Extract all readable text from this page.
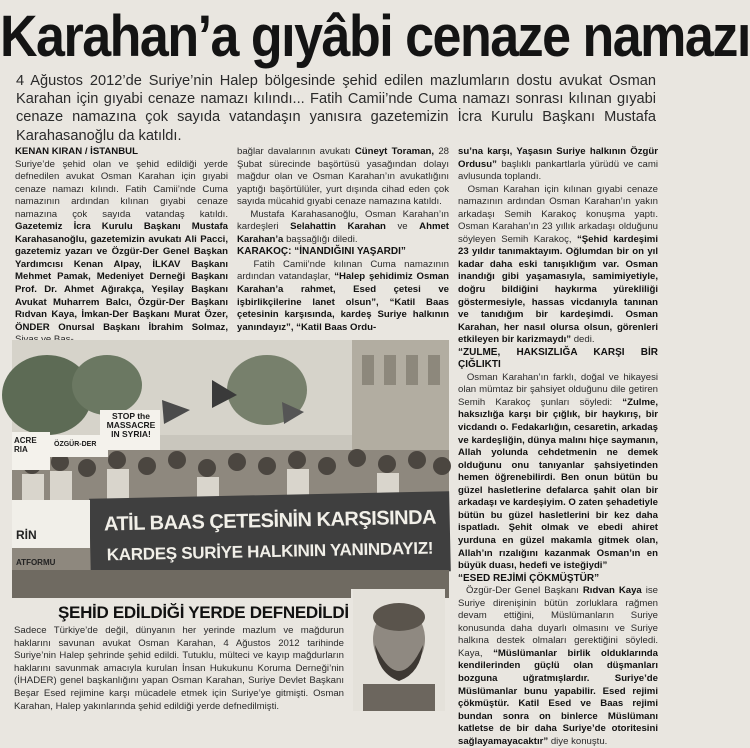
Karahan’a gıyâbi cenaze namazı
4 Ağustos 2012’de Suriye’nin Halep bölgesinde şehid edilen mazlumların dostu avukat Osman Karahan için gıyabi cenaze namazı kılındı... Fatih Camii’nde Cuma namazı sonrası kılınan gıyabi cenaze namazına çok sayıda vatandaşın yanısıra gazetemizin İcra Kurulu Başkanı Mustafa Karahasanoğlu da katıldı.

KENAN KIRAN / İSTANBUL

Suriye’de şehid olan ve şehid edildiği yerde defnedilen avukat Osman Karahan için gıyabi cenaze namazı kılındı. Fatih Camii’nde Cuma namazının ardından kılınan gıyabi cenaze namazına çok sayıda vatandaş katıldı. Gazetemiz İcra Kurulu Başkanı Mustafa Karahasanoğlu, gazetemizin avukatı Ali Pacci, gazetemiz yazarı ve Özgür-Der Genel Başkan Yardımcısı Kenan Alpay, İLKAV Başkanı Mehmet Pamak, Medeniyet Derneği Başkanı Prof. Dr. Ahmet Ağırakça, Yeşilay Başkanı Avukat Muharrem Balcı, Özgür-Der Başkanı Rıdvan Kaya, İmkan-Der Başkanı Murat Özer, ÖNDER Onursal Başkanı İbrahim Solmaz,

bağlar davalarının avukatı Cüneyt Toraman, 28 Şubat sürecinde başörtüsü yasağından dolayı mağdur olan ve Osman Karahan’ın avukatlığını yaptığı başörtülüler, yurt dışında cihad eden çok sayıda mücahid gıyabi cenaze namazına katıldı.

Mustafa Karahasanoğlu, Osman Karahan’ın kardeşleri Selahattin Karahan ve Ahmet Karahan’a başsağlığı diledi.

KARAKOÇ: “İNANDIĞINI YAŞARDI”

Fatih Camii’nde kılınan Cuma namazının ardından vatandaşlar, “Halep şehidimiz Osman Karahan’a rahmet, Esed çetesi ve işbirlikçilerine lanet olsun”, “Katil Baas çetesinin karşısında, kardeş Suriye halkının yanındayız”, “Katil Baas Ordu-

su’na karşı, Yaşasın Suriye halkının Özgür Ordusu” başlıklı pankartlarla yürüdü ve cami avlusunda toplandı.

Osman Karahan için kılınan gıyabi cenaze namazının ardından Osman Karahan’ın yakın arkadaşı Semih Karakoç konuşma yaptı. Osman Karahan’ın 23 yıllık arkadaşı olduğunu söyleyen Semih Karakoç, “Şehid kardeşimi 23 yıldır tanımaktayım. Oğlumdan bir on yıl kadar daha eski tanışıklığım var. Osman inandığı gibi yaşamasıyla, samimiyetiyle, doğru bildiğini haykırma yürekliliği göstermesiyle, hassas vicdanıyla tanınan ve tanıdığım bir kardeşimdi. Osman Karahan, her nasıl olursa olsun, görenleri etkileyen bir karizmaydı” dedi.

“ZULME, HAKSIZLIĞA KARŞI BİR ÇIĞLIKTI

Osman Karahan’ın farklı, doğal ve hikayesi olan mümtaz bir şahsiyet olduğunu dile getiren Semih Karakoç şunları söyledi: “Zulme, haksızlığa karşı bir çığlık, bir haykırış, bir vicdandı o. Fedakarlığın, cesaretin, arkadaş ve kardeşliğin, dünya malını hiçe saymanın, Allah yolunda cehdetmenin ne demek olduğunu onu tanıyanlar şahsiyetinden hemen öğrenebilirdi. Ben onun bütün bu güzel hasletlerine defalarca şahit olan bir arkadaşı ve kardeşiyim. O zaten şehadetiyle bütün bu güzel hasletlerini bir kez daha ispatladı. Şehit olmak ve ebedi ahiret yurduna en güzel makamla gitmek olan, Allah’ın rızalığını kazanmak Osman’ın en büyük duası, hedefi ve isteğiydi”

“ESED REJİMİ ÇÖKMÜŞTÜR”

Özgür-Der Genel Başkanı Rıdvan Kaya ise Suriye direnişinin bütün zorluklara rağmen devam ettiğini, Müslümanların Suriye konusunda daha duyarlı olmasını ve Suriye halkına destek olmaları gerektiğini söyledi. Kaya, “Müslümanlar birlik olduklarında kendilerinden güçlü olan düşmanları bozguna uğratmışlardır. Suriye’de Müslümanlar bunu yapabilir. Esed rejimi çökmüştür. Katil Esed ve Baas rejimi bundan sonra on binlerce Müslümanı katletse de bir daha Suriye’de otoritesini sağlayamayacaktır” diye konuştu.

STOP the MASSACRE IN SYRIA!
ACRE RIA
ÖZGÜR-DER
ATİL BAAS ÇETESİNİN KARŞISINDA
KARDEŞ SURİYE HALKININ YANINDAYIZ!
RİN
ATFORMU
ŞEHİD EDİLDİĞİ YERDE DEFNEDİLDİ
Sadece Türkiye’de değil, dünyanın her yerinde mazlum ve mağdurun haklarını savunan avukat Osman Karahan, 4 Ağustos 2012 tarihinde Suriye’nin Halep şehrinde şehid edildi. Tutuklu, mülteci ve kayıp mağdurların haklarını savunmak amacıyla kurulan İnsan Hukukunu Koruma Derneği’nin (İHADER) genel başkanlığını yapan Osman Karahan, Suriye Devlet Başkanı Beşar Esed rejimine karşı mücadele etmek için Suriye’ye gitmişti. Osman Karahan, Halep yakınlarında şehid edildiği yerde defnedilmişti.
